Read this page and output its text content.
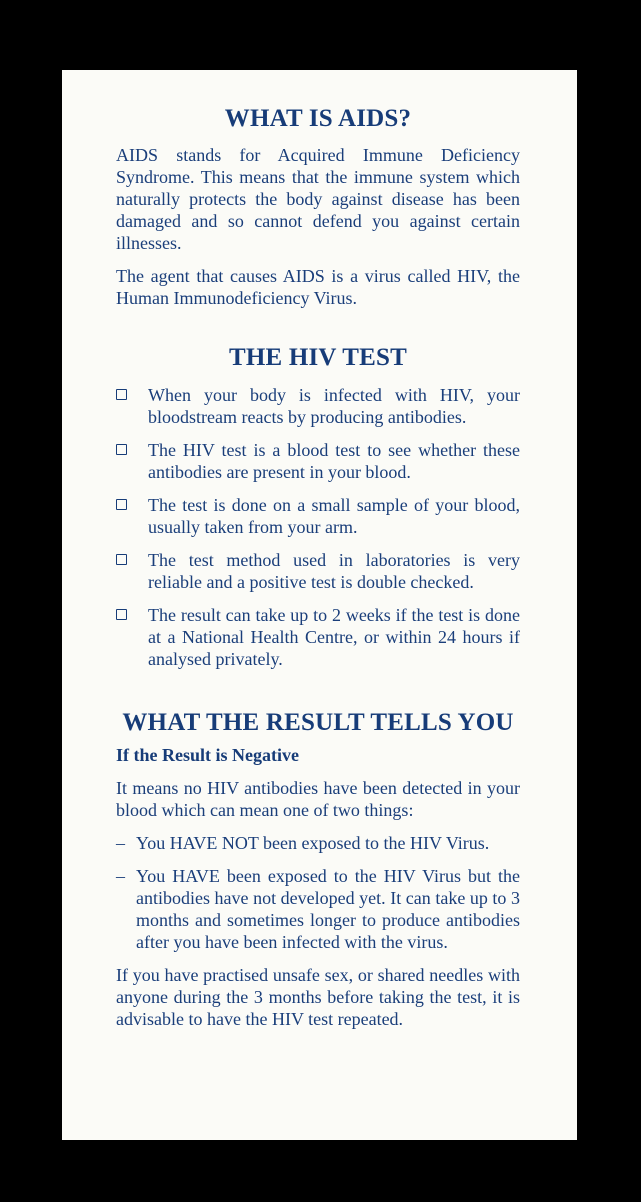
WHAT IS AIDS?

AIDS stands for Acquired Immune Deficiency Syndrome. This means that the immune system which naturally protects the body against disease has been damaged and so cannot defend you against certain illnesses.

The agent that causes AIDS is a virus called HIV, the Human Immunodeficiency Virus.

THE HIV TEST
When your body is infected with HIV, your bloodstream reacts by producing antibodies.
The HIV test is a blood test to see whether these antibodies are present in your blood.
The test is done on a small sample of your blood, usually taken from your arm.
The test method used in laboratories is very reliable and a positive test is double checked.
The result can take up to 2 weeks if the test is done at a National Health Centre, or within 24 hours if analysed privately.
WHAT THE RESULT TELLS YOU
If the Result is Negative

It means no HIV antibodies have been detected in your blood which can mean one of two things:

– You HAVE NOT been exposed to the HIV Virus.
– You HAVE been exposed to the HIV Virus but the antibodies have not developed yet. It can take up to 3 months and sometimes longer to produce antibodies after you have been infected with the virus.

If you have practised unsafe sex, or shared needles with anyone during the 3 months before taking the test, it is advisable to have the HIV test repeated.
